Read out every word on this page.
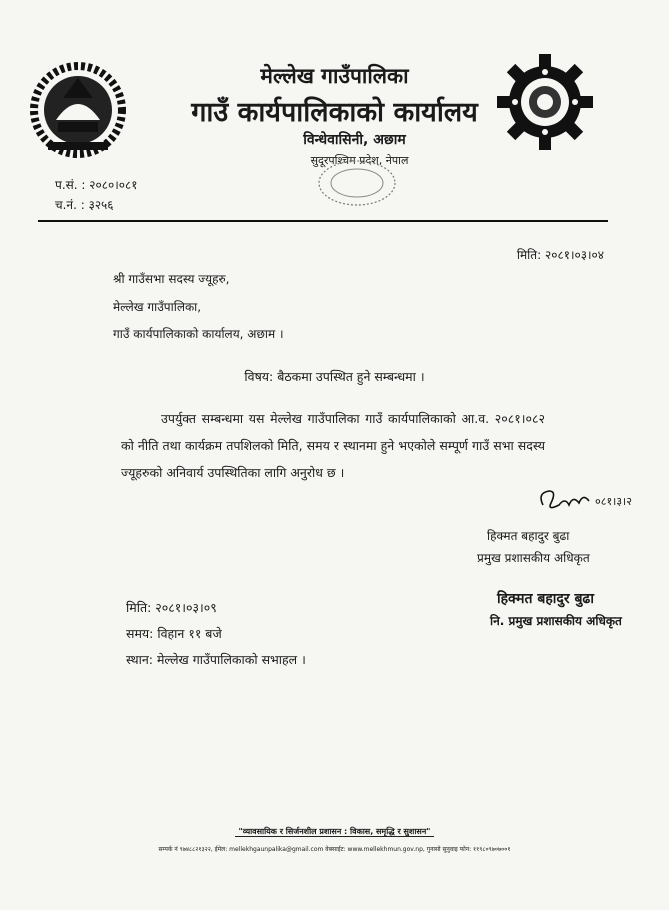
मेल्लेख गाउँपालिका
गाउँ कार्यपालिकाको कार्यालय
विन्धेवासिनी, अछाम
सुदूरपश्चिम प्रदेश, नेपाल
प.सं. : २०८०।०८१
च.नं. : ३२५६
मिति: २०८१।०३।०४
श्री गाउँसभा सदस्य ज्यूहरु,
मेल्लेख गाउँपालिका,
गाउँ कार्यपालिकाको कार्यालय, अछाम ।
विषय: बैठकमा उपस्थित हुने सम्बन्धमा ।

उपर्युक्त सम्बन्धमा यस मेल्लेख गाउँपालिका गाउँ कार्यपालिकाको आ.व. २०८१।०८२ को नीति तथा कार्यक्रम तपशिलको मिति, समय र स्थानमा हुने भएकोले सम्पूर्ण गाउँ सभा सदस्य ज्यूहरुको अनिवार्य उपस्थितिका लागि अनुरोध छ ।

०८१।३।२
हिक्मत बहादुर बुढा
प्रमुख प्रशासकीय अधिकृत
हिक्मत बहादुर बुढा
नि. प्रमुख प्रशासकीय अधिकृत
मिति: २०८१।०३।०९
समय: विहान ११ बजे
स्थान: मेल्लेख गाउँपालिकाको सभाहल ।
"व्यावसायिक र सिर्जनशील प्रशासन : विकास, समृद्धि र सुशासन"
सम्पर्क नं ९७४८८२१३२२, ईमेल: mellekhgaunpalika@gmail.com वेबसाईट: www.mellekhmun.gov.np, गुनासो सुनुवाइ फोन: ११९८०९७०७००१
